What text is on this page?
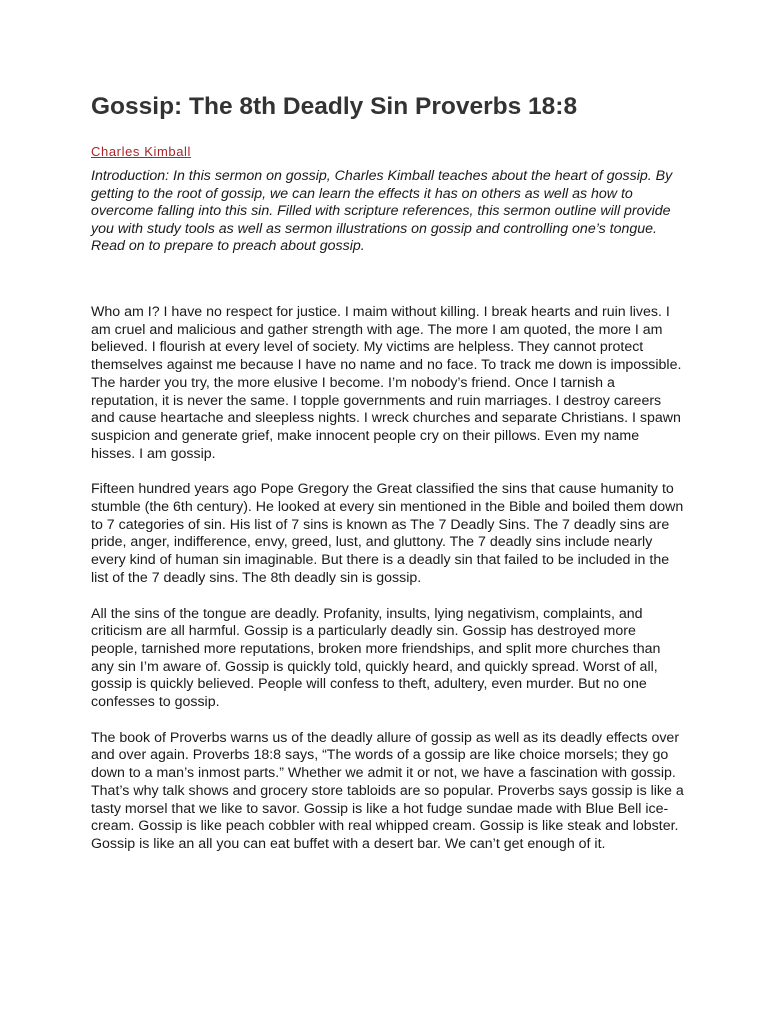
Gossip: The 8th Deadly Sin Proverbs 18:8
Charles Kimball

Introduction: In this sermon on gossip, Charles Kimball teaches about the heart of gossip. By getting to the root of gossip, we can learn the effects it has on others as well as how to overcome falling into this sin. Filled with scripture references, this sermon outline will provide you with study tools as well as sermon illustrations on gossip and controlling one’s tongue. Read on to prepare to preach about gossip.

Who am I? I have no respect for justice. I maim without killing. I break hearts and ruin lives. I am cruel and malicious and gather strength with age. The more I am quoted, the more I am believed. I flourish at every level of society. My victims are helpless. They cannot protect themselves against me because I have no name and no face. To track me down is impossible. The harder you try, the more elusive I become. I’m nobody’s friend. Once I tarnish a reputation, it is never the same. I topple governments and ruin marriages. I destroy careers and cause heartache and sleepless nights. I wreck churches and separate Christians. I spawn suspicion and generate grief, make innocent people cry on their pillows. Even my name hisses. I am gossip.

Fifteen hundred years ago Pope Gregory the Great classified the sins that cause humanity to stumble (the 6th century). He looked at every sin mentioned in the Bible and boiled them down to 7 categories of sin. His list of 7 sins is known as The 7 Deadly Sins. The 7 deadly sins are pride, anger, indifference, envy, greed, lust, and gluttony. The 7 deadly sins include nearly every kind of human sin imaginable. But there is a deadly sin that failed to be included in the list of the 7 deadly sins. The 8th deadly sin is gossip.

All the sins of the tongue are deadly. Profanity, insults, lying negativism, complaints, and criticism are all harmful. Gossip is a particularly deadly sin. Gossip has destroyed more people, tarnished more reputations, broken more friendships, and split more churches than any sin I’m aware of. Gossip is quickly told, quickly heard, and quickly spread. Worst of all, gossip is quickly believed. People will confess to theft, adultery, even murder. But no one confesses to gossip.

The book of Proverbs warns us of the deadly allure of gossip as well as its deadly effects over and over again. Proverbs 18:8 says, “The words of a gossip are like choice morsels; they go down to a man’s inmost parts.” Whether we admit it or not, we have a fascination with gossip. That’s why talk shows and grocery store tabloids are so popular. Proverbs says gossip is like a tasty morsel that we like to savor. Gossip is like a hot fudge sundae made with Blue Bell ice-cream. Gossip is like peach cobbler with real whipped cream. Gossip is like steak and lobster. Gossip is like an all you can eat buffet with a desert bar. We can’t get enough of it.
